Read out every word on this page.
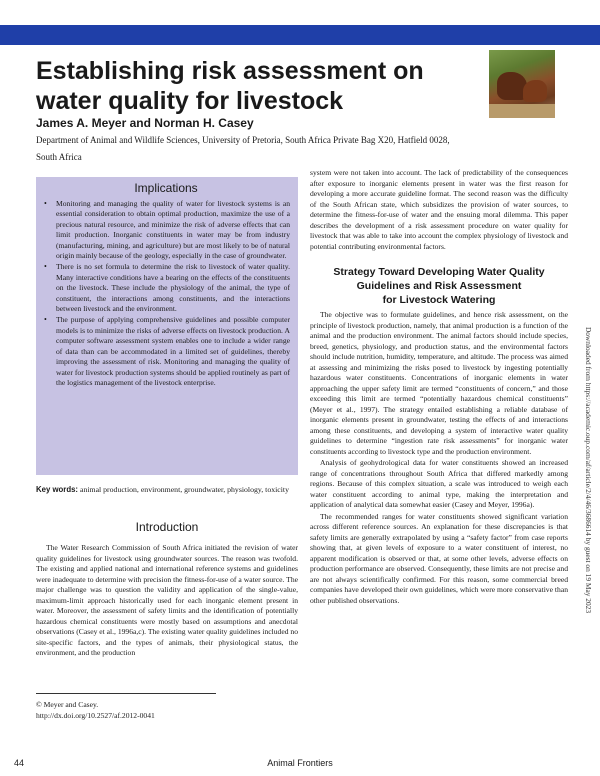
Establishing risk assessment on water quality for livestock

James A. Meyer and Norman H. Casey

Department of Animal and Wildlife Sciences, University of Pretoria, South Africa Private Bag X20, Hatfield 0028, South Africa

Implications

• Monitoring and managing the quality of water for livestock systems is an essential consideration to obtain optimal production, maximize the use of a precious natural resource, and minimize the risk of adverse effects that can limit production. Inorganic constituents in water may be from industry (manufacturing, mining, and agriculture) but are most likely to be of natural origin mainly because of the geology, especially in the case of groundwater.
• There is no set formula to determine the risk to livestock of water quality. Many interactive conditions have a bearing on the effects of the constituents on the livestock. These include the physiology of the animal, the type of constituent, the interactions among constituents, and the interactions between livestock and the environment.
• The purpose of applying comprehensive guidelines and possible computer models is to minimize the risks of adverse effects on livestock production. A computer software assessment system enables one to include a wider range of data than can be accommodated in a limited set of guidelines, thereby improving the assessment of risk. Monitoring and managing the quality of water for livestock production systems should be applied routinely as part of the logistics management of the livestock enterprise.

Key words: animal production, environment, groundwater, physiology, toxicity

Introduction

The Water Research Commission of South Africa initiated the revision of water quality guidelines for livestock using groundwater sources. The reason was twofold. The existing and applied national and international reference systems and guidelines were inadequate to determine with precision the fitness-for-use of a water source. The major challenge was to question the validity and application of the single-value, maximum-limit approach historically used for each inorganic element present in water. Moreover, the assessment of safety limits and the identification of potentially hazardous chemical constituents were mostly based on assumptions and anecdotal observations (Casey et al., 1996a,c). The existing water quality guidelines included no site-specific factors, and the types of animals, their physiological status, the environment, and the production

© Meyer and Casey.
http://dx.doi.org/10.2527/af.2012-0041

system were not taken into account. The lack of predictability of the consequences after exposure to inorganic elements present in water was the first reason for developing a more accurate guideline format. The second reason was the difficulty of the South African state, which subsidizes the provision of water sources, to determine the fitness-for-use of water and the ensuing moral dilemma. This paper describes the development of a risk assessment procedure on water quality for livestock that was able to take into account the complex physiology of livestock and potential contributing environmental factors.

Strategy Toward Developing Water Quality
Guidelines and Risk Assessment
for Livestock Watering

The objective was to formulate guidelines, and hence risk assessment, on the principle of livestock production, namely, that animal production is a function of the animal and the production environment. The animal factors should include species, breed, genetics, physiology, and production status, and the environmental factors should include nutrition, humidity, temperature, and altitude. The process was aimed at assessing and minimizing the risks posed to livestock by ingesting potentially hazardous water constituents. Concentrations of inorganic elements in water approaching the upper safety limit are termed “constituents of concern,” and those exceeding this limit are termed “potentially hazardous chemical constituents” (Meyer et al., 1997). The strategy entailed establishing a reliable database of inorganic elements present in groundwater, testing the effects of and interactions among these constituents, and developing a system of interactive water quality guidelines to determine “ingestion rate risk assessments” for inorganic water constituents according to livestock type and the production environment.

Analysis of geohydrological data for water constituents showed an increased range of concentrations throughout South Africa that differed markedly among regions. Because of this complex situation, a scale was introduced to weigh each water constituent according to animal type, making the interpretation and application of analytical data somewhat easier (Casey and Meyer, 1996a).

The recommended ranges for water constituents showed significant variation across different reference sources. An explanation for these discrepancies is that safety limits are generally extrapolated by using a “safety factor” from case reports showing that, at given levels of exposure to a water constituent of interest, no apparent modification is observed or that, at some other levels, adverse effects on production performance are observed. Consequently, these limits are not precise and are not always scientifically confirmed. For this reason, some commercial breed companies have developed their own guidelines, which were more conservative than other published observations.	Downloaded from https://academic.oup.com/af/article/2/4/46/3686614 by guest on 19 May 2023

44	Animal Frontiers
